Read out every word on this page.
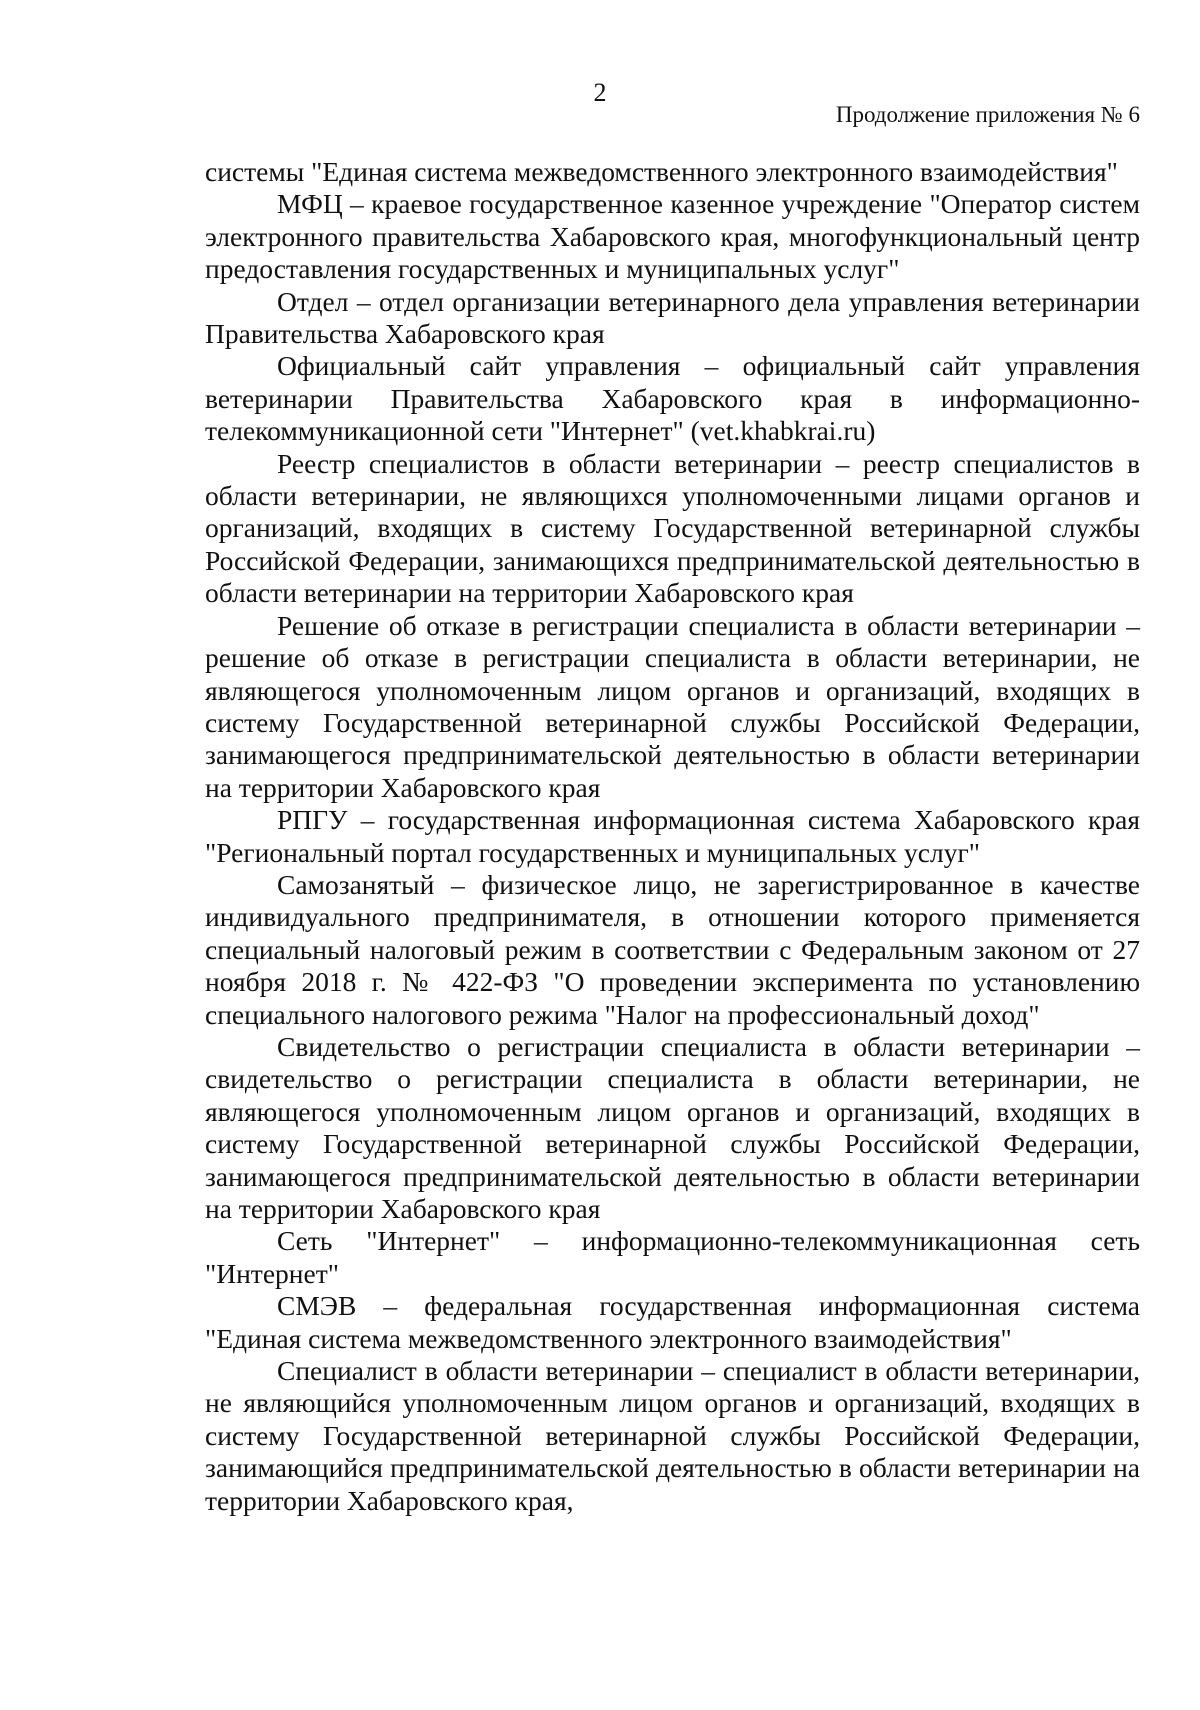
2
Продолжение приложения № 6

системы "Единая система межведомственного электронного взаимодействия"

МФЦ – краевое государственное казенное учреждение "Оператор систем электронного правительства Хабаровского края, многофункциональный центр предоставления государственных и муниципальных услуг"

Отдел – отдел организации ветеринарного дела управления ветеринарии Правительства Хабаровского края

Официальный сайт управления – официальный сайт управления ветеринарии Правительства Хабаровского края в информационно-телекоммуникационной сети "Интернет" (vet.khabkrai.ru)

Реестр специалистов в области ветеринарии – реестр специалистов в области ветеринарии, не являющихся уполномоченными лицами органов и организаций, входящих в систему Государственной ветеринарной службы Российской Федерации, занимающихся предпринимательской деятельностью в области ветеринарии на территории Хабаровского края

Решение об отказе в регистрации специалиста в области ветеринарии – решение об отказе в регистрации специалиста в области ветеринарии, не являющегося уполномоченным лицом органов и организаций, входящих в систему Государственной ветеринарной службы Российской Федерации, занимающегося предпринимательской деятельностью в области ветеринарии на территории Хабаровского края

РПГУ – государственная информационная система Хабаровского края "Региональный портал государственных и муниципальных услуг"

Самозанятый – физическое лицо, не зарегистрированное в качестве индивидуального предпринимателя, в отношении которого применяется специальный налоговый режим в соответствии с Федеральным законом от 27 ноября 2018 г. № 422-ФЗ "О проведении эксперимента по установлению специального налогового режима "Налог на профессиональный доход"

Свидетельство о регистрации специалиста в области ветеринарии – свидетельство о регистрации специалиста в области ветеринарии, не являющегося уполномоченным лицом органов и организаций, входящих в систему Государственной ветеринарной службы Российской Федерации, занимающегося предпринимательской деятельностью в области ветеринарии на территории Хабаровского края

Сеть "Интернет" – информационно-телекоммуникационная сеть "Интернет"

СМЭВ – федеральная государственная информационная система "Единая система межведомственного электронного взаимодействия"

Специалист в области ветеринарии – специалист в области ветеринарии, не являющийся уполномоченным лицом органов и организаций, входящих в систему Государственной ветеринарной службы Российской Федерации, занимающийся предпринимательской деятельностью в области ветеринарии на территории Хабаровского края,
